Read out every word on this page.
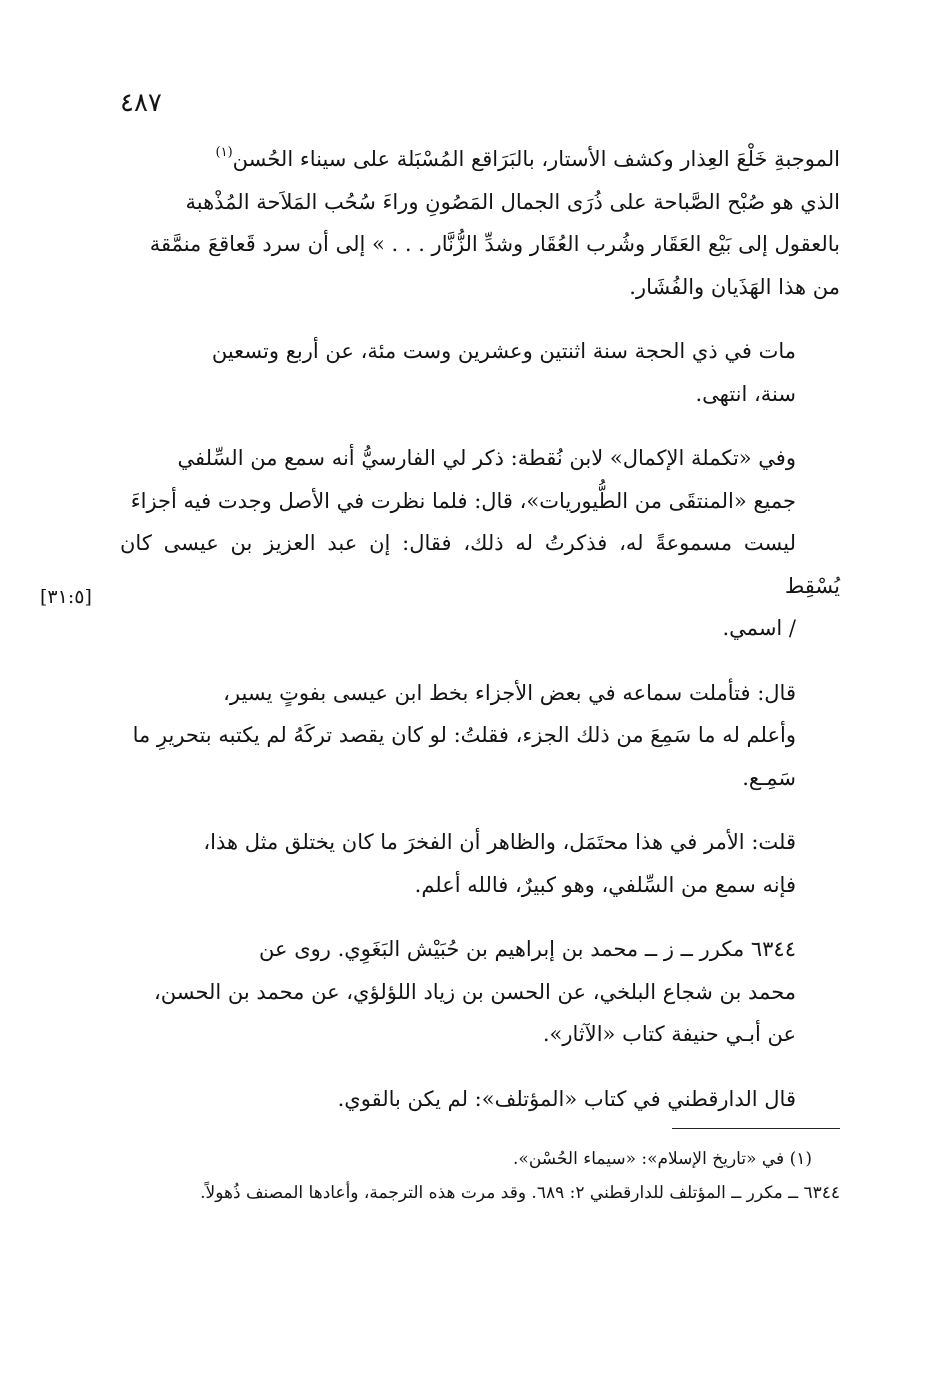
٤٨٧
[٣١:٥]

الموجبةِ خَلْعَ العِذار وكشف الأستار، بالبَرَاقع المُسْبَلة على سيناء الحُسن$^{(١)}$
الذي هو صُبْح الصَّباحة على ذُرَى الجمال المَصُونِ وراءَ سُحُب المَلاَحة المُذْهبة
بالعقول إلى بَيْع العَقَار وشُرب العُقَار وشدِّ الزُّنَّار . . . » إلى أن سرد قَعاقعَ منمَّقة
من هذا الهَذَيان والفُشَار.

مات في ذي الحجة سنة اثنتين وعشرين وست مئة، عن أربع وتسعين
سنة، انتهى.

وفي «تكملة الإكمال» لابن نُقطة: ذكر لي الفارسيُّ أنه سمع من السِّلفي
جميع «المنتقَى من الطُّيوريات»، قال: فلما نظرت في الأصل وجدت فيه أجزاءَ
ليست مسموعةً له، فذكرتُ له ذلك، فقال: إن عبد العزيز بن عيسى كان يُسْقِط
/ اسمي.

قال: فتأملت سماعه في بعض الأجزاء بخط ابن عيسى بفوتٍ يسير،
وأعلم له ما سَمِعَ من ذلك الجزء، فقلتُ: لو كان يقصد تركَهُ لم يكتبه بتحريرِ ما
سَمِـع.

قلت: الأمر في هذا محتَمَل، والظاهر أن الفخرَ ما كان يختلق مثل هذا،
فإنه سمع من السِّلفي، وهو كبيرٌ، فالله أعلم.

٦٣٤٤ مكرر ــ ز ــ محمد بن إبراهيم بن حُبَيْش البَغَوِي. روى عن
محمد بن شجاع البلخي، عن الحسن بن زياد اللؤلؤي، عن محمد بن الحسن،
عن أبـي حنيفة كتاب «الآثار».

قال الدارقطني في كتاب «المؤتلف»: لم يكن بالقوي.

(١) في «تاريخ الإسلام»: «سيماء الحُسْن».

٦٣٤٤ ــ مكرر ــ المؤتلف للدارقطني ٢: ٦٨٩. وقد مرت هذه الترجمة، وأعادها المصنف ذُهولاً.
